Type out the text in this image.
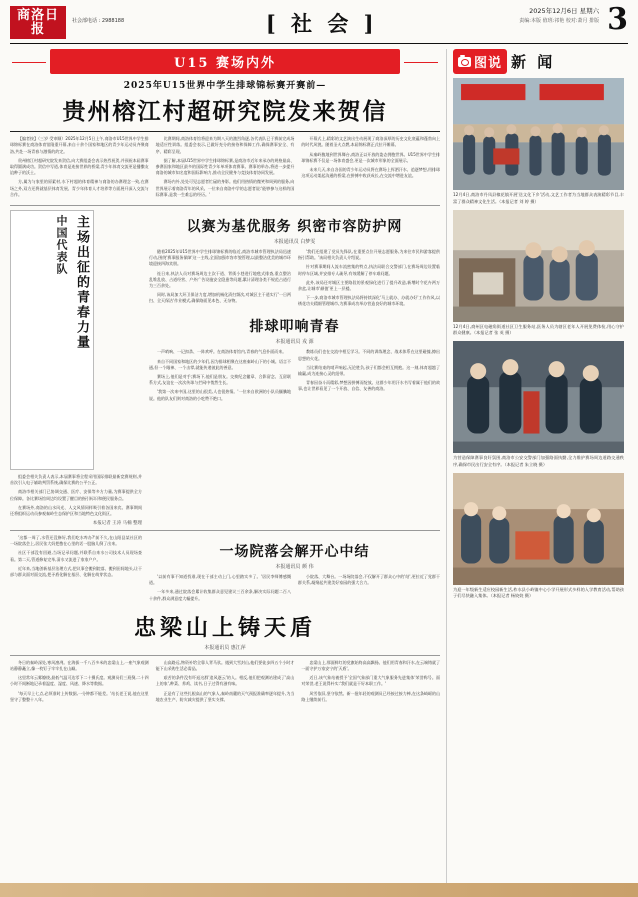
商洛日报
社会部电话 : 2988188	[ 社 会 ]	2025年12月6日 星期六
责编:本版 值班:祁艳 校对:萧月 排版 3
U15 赛场内外
2025年U15世界中学生排球锦标赛开赛前—
贵州榕江村超研究院发来贺信

【编者按】（三岁 受审顺）2025年12月5日上午,商洛市U15世界中学生排球锦标赛在商洛体育馆隆重开幕,来自十余个国家和地区的青少年运动员齐聚商洛,共赴一场青春与激情的约定。

贵州榕江村超研究院发来贺信,向大赛组委会表示热烈祝贺,并预祝本届赛事取得圆满成功。贺信中写道,体育是连接世界的桥梁,青少年体育交流更是播撒友谊种子的沃土。

方,属为与家里的原素材,水下村超的体育精神与商洛的办赛理念一致,在赛场之外,双方还将就基层体育发展、青少年体育人才培养等方面展开深入交流与合作。

比赛期间,商洛体育馆将迎来为期八天的激烈角逐,各代表队已于赛前完成场地适应性训练。组委会表示,已做好充分的接待和保障工作,确保赛事安全、有序、精彩呈现。

据了解,本届U15世界中学生排球锦标赛,是商洛市近年来承办的规格最高、参赛国家和地区最多的国际性青少年单项体育赛事。赛事的举办,将进一步提升商洛的城市知名度和国际影响力,推动全民健身与竞技体育协同发展。

赛场内外,处处可见志愿者忙碌的身影。他们用热情的微笑和周到的服务,向世界展示着商洛青年的风采。一位来自商洛中学的志愿者说:'能够参与这样的国际赛事,是我一生难忘的经历。'

开幕式上,精彩的文艺演出生动展现了商洛深厚的历史文化底蕴和蓬勃向上的时代风貌。随着圣火点燃,本届锦标赛正式拉开帷幕。

从秦岭腹地到世界舞台,商洛正以开放的姿态拥抱世界。U15世界中学生排球锦标赛不仅是一场体育盛会,更是一次城市形象的全面展示。

未来几天,来自各国的青少年运动员将在赛场上挥洒汗水、追逐梦想,用排球这项运动架起沟通的桥梁,在拼搏中收获成长,在交流中增进友谊。

主场出征的青春力量
中国代表队

组委会相关负责人表示,本届赛事将全程采用国际排联最新竞赛规则,并首次引入电子辅助判罚系统,确保比赛的公平公正。

商洛市相关部门已协调交通、医疗、安保等多方力量,为赛事提供全方位保障。各比赛场馆周边均设置了醒目的指引标识和便民服务点。

在赛场外,商洛的山水风光、人文风情同样吸引着各国来宾。赛事期间还将组织运动员参观秦岭生态保护区和当地特色文化街区。

本报记者 王涛 马楠 整理
以赛为基优服务 织密市容防护网
本报通讯员 白梦雯

随着2025年U15世界中学生排球锦标赛的临近,商洛市城市管理执法局迅速行动,围绕'赛事服务保障'这一主线,全面加强市容市貌管理,以最整洁优美的城市环境迎接四海宾朋。

连日来,执法人员对赛场周边主次干道、背街小巷进行地毯式排查,重点整治乱堆乱放、占道经营、户外广告设施安全隐患等问题,累计清理各类不规范占道行为三百余处。

同时,该局加大环卫保洁力度,增加机械化清扫频次,对城区主干道实行'一日两扫、全天保洁'作业模式,确保路面见本色、无杂物。

'我们还组建了党员先锋队,在重要点位开展志愿服务,为来往市民和游客提供指引帮助。'该局相关负责人介绍说。

针对赛事期间人流车流密集的特点,执法局联合交警部门,在赛场周边设置临时停车区域,并安排专人疏导,有效缓解了停车难问题。

此外,该局还对城区主要路段的景观绿化进行了提升改造,新增时令花卉两万余盆,让城市'颜值'更上一层楼。

下一步,商洛市城市管理执法局将持续深化'马上就办、办就办好'工作作风,以绣花功夫精细管理城市,为赛事成功举办营造良好的城市环境。

排球叩响青春
本报通讯员 戎 源

一声哨响、一记扣杀、一阵欢呼。在商洛体育馆内,青春的气息扑面而来。

来自不同国家和地区的少年们,因为排球相聚在这座秦岭山下的小城。语言不通,但一个眼神、一个击掌,就能传递彼此的善意。

赛场上,他们是对手;赛场下,他们是朋友。交换纪念徽章、合影留念、互留联系方式,友谊在一次次传球与拦网中悄然生长。

'我第一次来中国,这里的山很美,人也很热情。'一位来自欧洲的小队员腼腆地说。他的队友们则对商洛的小吃赞不绝口。

教练员们也在交流中相互学习。不同的训练理念、战术体系在这里碰撞,擦出思想的火花。

当比赛结束的哨声响起,无论胜负,孩子们都会相互拥抱。这一刻,体育超越了输赢,成为连接心灵的纽带。

青春因奋斗而精彩,梦想因拼搏而绽放。这群少年用汗水书写着属于他们的故事,也让世界看见了一个开放、自信、友善的商洛。

'这都一周了,水管还没修好,我们吃水咋办?'前不久,在山阳县某社区的一场院落会上,居民张大妈把憋在心里的话一股脑儿倒了出来。

社区干部没有回避,当场记录问题,并联系自来水公司技术人员现场查看。第二天,管道修复完毕,清水又流进了家家户户。

近年来,当地创新基层治理方式,把议事会搬到院落、搬到田间地头,让干部与群众面对面交流,把矛盾化解在基层、化解在萌芽状态。

一场院落会解开心中结
本报通讯员 颜 伟

'以前有事不知道找谁,现在干部主动上门,心里踏实多了。'居民李师傅感慨道。

一年多来,通过院落会累计收集群众意见建议三百余条,解决实际问题二百八十余件,群众满意度大幅提升。

小院落、大舞台。一场场院落会,不仅解开了群众心中的'结',更拉近了党群干群关系,凝聚起共建美好家园的强大合力。

忠梁山上铸天盾
本报通讯员 惠江萍

冬日的秦岭深处,寒风凛冽。在海拔一千八百多米的忠梁山上,一座气象观测站静静矗立,像一枚钉子牢牢扎在山巅。

这里常年云雾缭绕,最低气温可达零下二十摄氏度。观测员们三班倒,二十四小时不间断地记录着温度、湿度、风速、降水等数据。

'每天早上七点,必须准时上传数据,一分钟都不能差。'站长老王说,他在这里坚守了整整十八年。

山高路远,物资补给全靠人背马驮。遇到大雪封山,他们要徒步四五个小时才能下山采购生活必需品。

艰苦的条件没有吓退这群'追风逐云'的人。相反,他们把观测站建成了'高山上的家',种菜、养鸡、读书,日子过得有滋有味。

正是有了这些扎根高山的气象人,秦岭南麓的天气预报准确率逐年提升,为当地农业生产、防灾减灾提供了坚实支撑。

忠梁山上,那面鲜红的党旗始终高高飘扬。他们用青春和汗水,在云端铸就了一面守护万家安宁的'天盾'。

近日,该气象站被授予'全国气象部门重大气象服务先进集体'荣誉称号。面对荣誉,老王说得朴实:'我们就是干好本职工作。'

风雪依旧,坚守依然。新一批年轻的观测员已经接过接力棒,在这条崎岖的山路上继续前行。

图说 新 闻
12月4日,商洛市丹凤县棣花镇开展'送文化下乡'活动,文艺工作者为当地群众表演精彩节目,丰富了群众精神文化生活。（本报记者 刘 婷 摄）
12月4日,商州区电磁角街道社区卫生服务站,医务人员为辖区老年人开展免费体检,用心守护群众健康。（本报记者 张 英 摄）
为营造保障赛事良好氛围,商洛市公安交警部门加强路面执勤,全力维护赛场周边道路交通秩序,确保市民出行安全有序。（本报记者 朱立晓 摄）
为迎一年级新生适应校园新生活,柞水县小岭镇中心小学开展形式多样的入学教育活动,帮助孩子们尽快融入集体。（本报记者 杨姣姣 摄）
